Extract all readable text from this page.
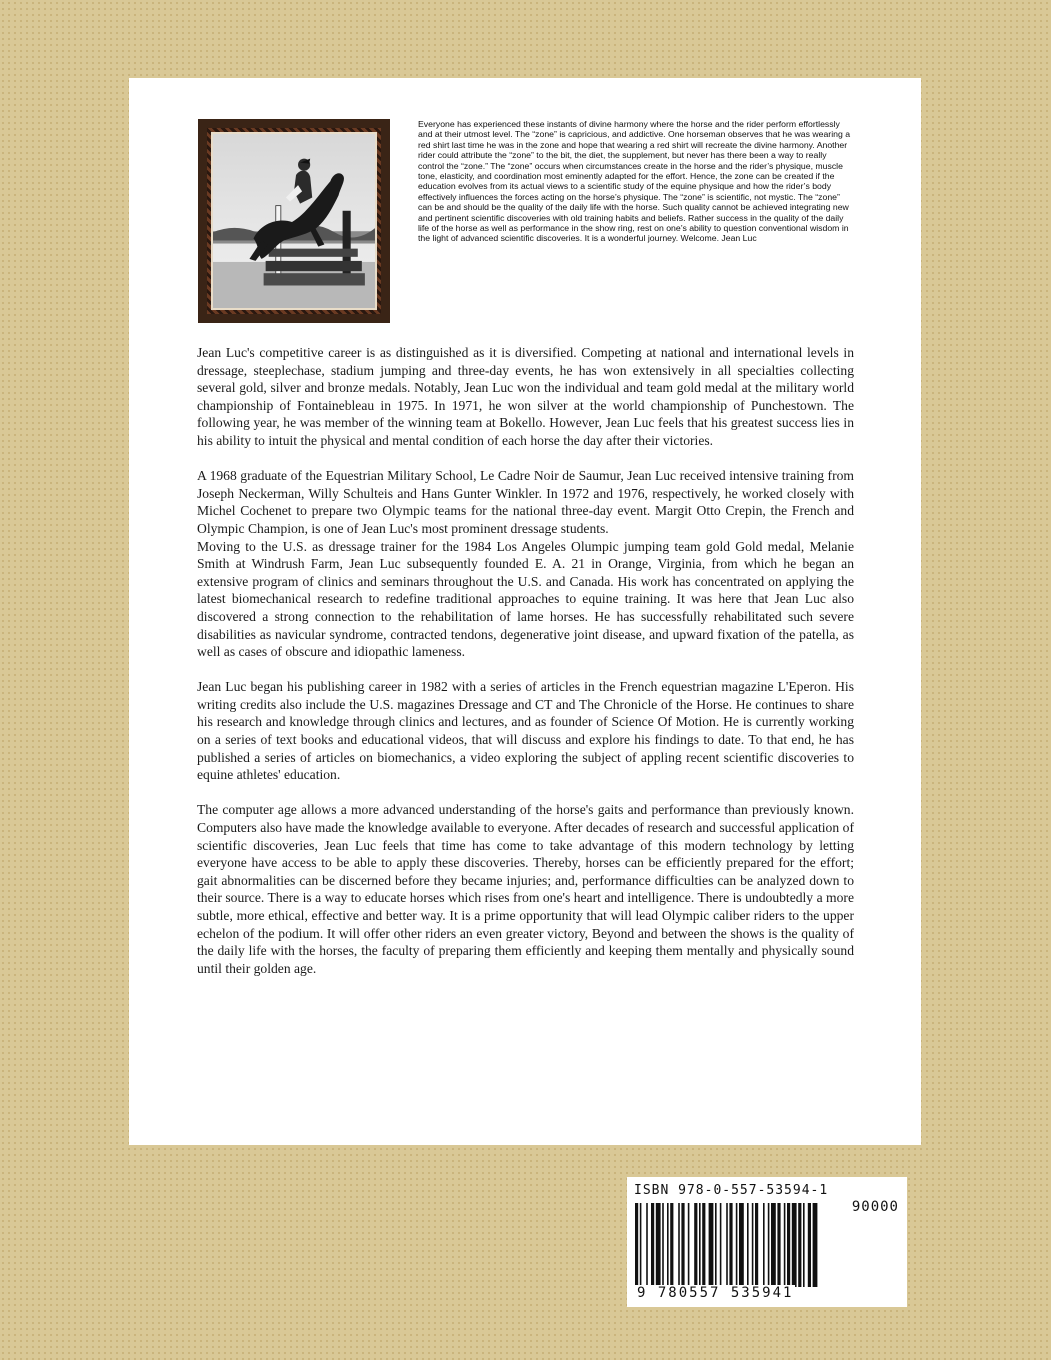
Everyone has experienced these instants of divine harmony where the horse and the rider perform effortlessly and at their utmost level. The “zone” is capricious, and addictive. One horseman observes that he was wearing a red shirt last time he was in the zone and hope that wearing a red shirt will recreate the divine harmony. Another rider could attribute the “zone” to the bit, the diet, the supplement, but never has there been a way to really control the “zone.” The “zone” occurs when circumstances create in the horse and the rider’s physique, muscle tone, elasticity, and coordination most eminently adapted for the effort. Hence, the zone can be created if the education evolves from its actual views to a scientific study of the equine physique and how the rider’s body effectively influences the forces acting on the horse’s physique. The “zone” is scientific, not mystic. The “zone” can be and should be the quality of the daily life with the horse. Such quality cannot be achieved integrating new and pertinent scientific discoveries with old training habits and beliefs. Rather success in the quality of the daily life of the horse as well as performance in the show ring, rest on one’s ability to question conventional wisdom in the light of advanced scientific discoveries. It is a wonderful journey. Welcome. Jean Luc

Jean Luc's competitive career is as distinguished as it is diversified. Competing at national and international levels in dressage, steeplechase, stadium jumping and three-day events, he has won extensively in all specialties collecting several gold, silver and bronze medals. Notably, Jean Luc won the individual and team gold medal at the military world championship of Fontainebleau in 1975. In 1971, he won silver at the world championship of Punchestown. The following year, he was member of the winning team at Bokello. However, Jean Luc feels that his greatest success lies in his ability to intuit the physical and mental condition of each horse the day after their victories.

A 1968 graduate of the Equestrian Military School, Le Cadre Noir de Saumur, Jean Luc received intensive training from Joseph Neckerman, Willy Schulteis and Hans Gunter Winkler. In 1972 and 1976, respectively, he worked closely with Michel Cochenet to prepare two Olympic teams for the national three-day event. Margit Otto Crepin, the French and Olympic Champion, is one of Jean Luc's most prominent dressage students.

Moving to the U.S. as dressage trainer for the 1984 Los Angeles Olumpic jumping team gold Gold medal, Melanie Smith at Windrush Farm, Jean Luc subsequently founded E. A. 21 in Orange, Virginia, from which he began an extensive program of clinics and seminars throughout the U.S. and Canada. His work has concentrated on applying the latest biomechanical research to redefine traditional approaches to equine training. It was here that Jean Luc also discovered a strong connection to the rehabilitation of lame horses. He has successfully rehabilitated such severe disabilities as navicular syndrome, contracted tendons, degenerative joint disease, and upward fixation of the patella, as well as cases of obscure and idiopathic lameness.

Jean Luc began his publishing career in 1982 with a series of articles in the French equestrian magazine L'Eperon. His writing credits also include the U.S. magazines Dressage and CT and The Chronicle of the Horse. He continues to share his research and knowledge through clinics and lectures, and as founder of Science Of Motion. He is currently working on a series of text books and educational videos, that will discuss and explore his findings to date. To that end, he has published a series of articles on biomechanics, a video exploring the subject of appling recent scientific discoveries to equine athletes' education.

The computer age allows a more advanced understanding of the horse's gaits and performance than previously known. Computers also have made the knowledge available to everyone. After decades of research and successful application of scientific discoveries, Jean Luc feels that time has come to take advantage of this modern technology by letting everyone have access to be able to apply these discoveries. Thereby, horses can be efficiently prepared for the effort; gait abnormalities can be discerned before they became injuries; and, performance difficulties can be analyzed down to their source. There is a way to educate horses which rises from one's heart and intelligence. There is undoubtedly a more subtle, more ethical, effective and better way. It is a prime opportunity that will lead Olympic caliber riders to the upper echelon of the podium. It will offer other riders an even greater victory, Beyond and between the shows is the quality of the daily life with the horses, the faculty of preparing them efficiently and keeping them mentally and physically sound until their golden age.

ISBN 978-0-557-53594-1
90000
9 780557 535941
